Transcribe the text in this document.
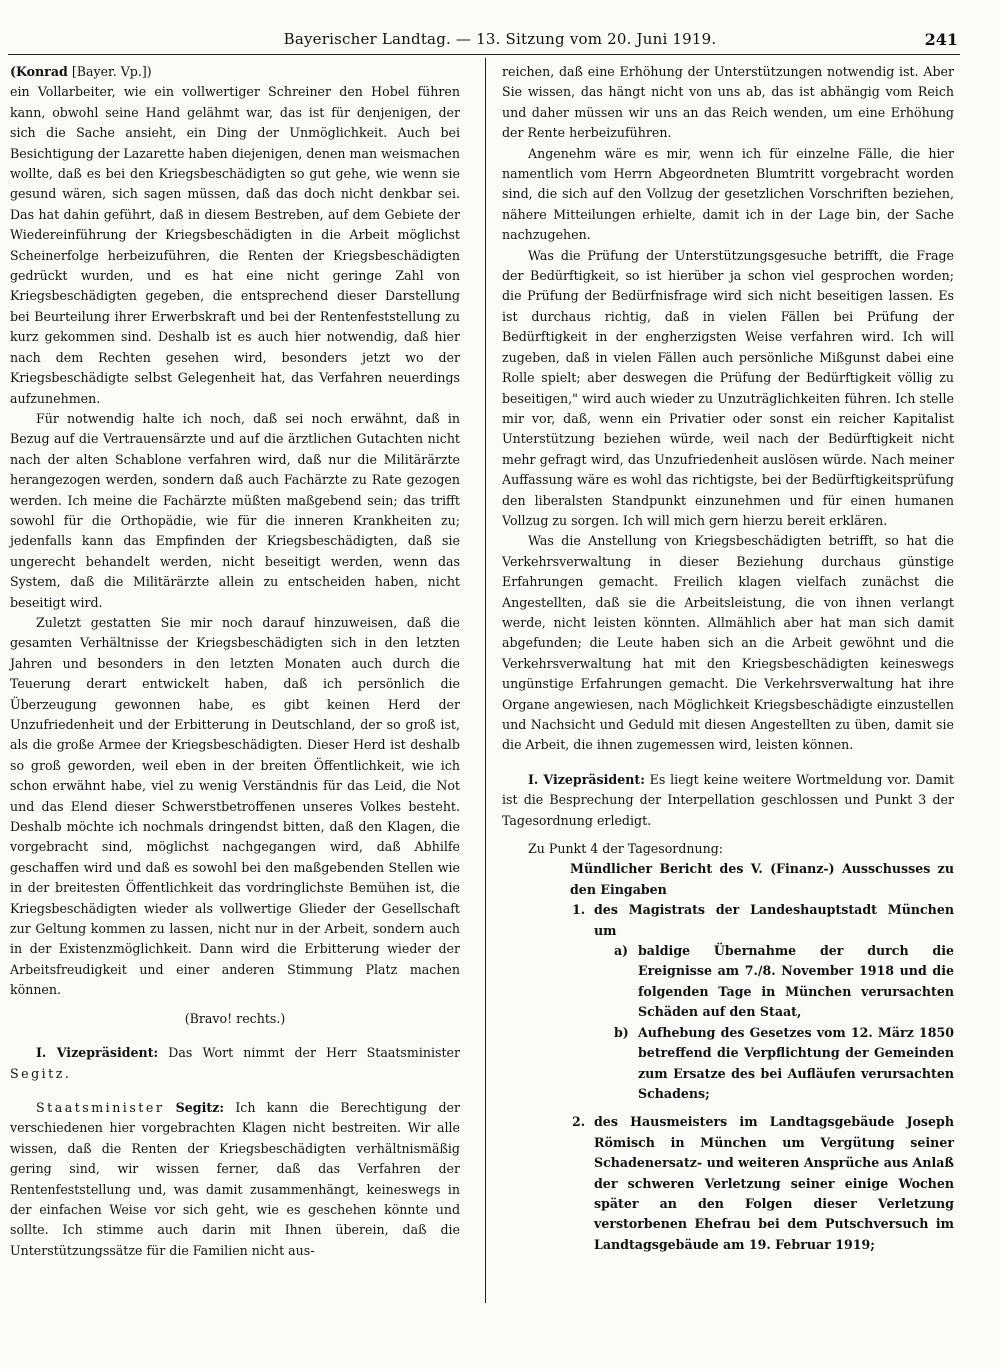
Bayerischer Landtag. — 13. Sitzung vom 20. Juni 1919.	241

(Konrad [Bayer. Vp.])

ein Vollarbeiter, wie ein vollwertiger Schreiner den Hobel führen kann, obwohl seine Hand gelähmt war, das ist für denjenigen, der sich die Sache ansieht, ein Ding der Unmöglichkeit. Auch bei Besichtigung der Lazarette haben diejenigen, denen man weismachen wollte, daß es bei den Kriegsbeschädigten so gut gehe, wie wenn sie gesund wären, sich sagen müssen, daß das doch nicht denkbar sei. Das hat dahin geführt, daß in diesem Bestreben, auf dem Gebiete der Wiedereinführung der Kriegsbeschädigten in die Arbeit möglichst Scheinerfolge herbeizuführen, die Renten der Kriegsbeschädigten gedrückt wurden, und es hat eine nicht geringe Zahl von Kriegsbeschädigten gegeben, die entsprechend dieser Darstellung bei Beurteilung ihrer Erwerbskraft und bei der Rentenfeststellung zu kurz gekommen sind. Deshalb ist es auch hier notwendig, daß hier nach dem Rechten gesehen wird, besonders jetzt wo der Kriegsbeschädigte selbst Gelegenheit hat, das Verfahren neuerdings aufzunehmen.

Für notwendig halte ich noch, daß sei noch erwähnt, daß in Bezug auf die Vertrauensärzte und auf die ärztlichen Gutachten nicht nach der alten Schablone verfahren wird, daß nur die Militärärzte herangezogen werden, sondern daß auch Fachärzte zu Rate gezogen werden. Ich meine die Fachärzte müßten maßgebend sein; das trifft sowohl für die Orthopädie, wie für die inneren Krankheiten zu; jedenfalls kann das Empfinden der Kriegsbeschädigten, daß sie ungerecht behandelt werden, nicht beseitigt werden, wenn das System, daß die Militärärzte allein zu entscheiden haben, nicht beseitigt wird.

Zuletzt gestatten Sie mir noch darauf hinzuweisen, daß die gesamten Verhältnisse der Kriegsbeschädigten sich in den letzten Jahren und besonders in den letzten Monaten auch durch die Teuerung derart entwickelt haben, daß ich persönlich die Überzeugung gewonnen habe, es gibt keinen Herd der Unzufriedenheit und der Erbitterung in Deutschland, der so groß ist, als die große Armee der Kriegsbeschädigten. Dieser Herd ist deshalb so groß geworden, weil eben in der breiten Öffentlichkeit, wie ich schon erwähnt habe, viel zu wenig Verständnis für das Leid, die Not und das Elend dieser Schwerstbetroffenen unseres Volkes besteht. Deshalb möchte ich nochmals dringendst bitten, daß den Klagen, die vorgebracht sind, möglichst nachgegangen wird, daß Abhilfe geschaffen wird und daß es sowohl bei den maßgebenden Stellen wie in der breitesten Öffentlichkeit das vordringlichste Bemühen ist, die Kriegsbeschädigten wieder als vollwertige Glieder der Gesellschaft zur Geltung kommen zu lassen, nicht nur in der Arbeit, sondern auch in der Existenzmöglichkeit. Dann wird die Erbitterung wieder der Arbeitsfreudigkeit und einer anderen Stimmung Platz machen können.

(Bravo! rechts.)

I. Vizepräsident: Das Wort nimmt der Herr Staatsminister Segitz.

Staatsminister Segitz: Ich kann die Berechtigung der verschiedenen hier vorgebrachten Klagen nicht bestreiten. Wir alle wissen, daß die Renten der Kriegsbeschädigten verhältnismäßig gering sind, wir wissen ferner, daß das Verfahren der Rentenfeststellung und, was damit zusammenhängt, keineswegs in der einfachen Weise vor sich geht, wie es geschehen könnte und sollte. Ich stimme auch darin mit Ihnen überein, daß die Unterstützungssätze für die Familien nicht aus-

reichen, daß eine Erhöhung der Unterstützungen notwendig ist. Aber Sie wissen, das hängt nicht von uns ab, das ist abhängig vom Reich und daher müssen wir uns an das Reich wenden, um eine Erhöhung der Rente herbeizuführen.

Angenehm wäre es mir, wenn ich für einzelne Fälle, die hier namentlich vom Herrn Abgeordneten Blumtritt vorgebracht worden sind, die sich auf den Vollzug der gesetzlichen Vorschriften beziehen, nähere Mitteilungen erhielte, damit ich in der Lage bin, der Sache nachzugehen.

Was die Prüfung der Unterstützungsgesuche betrifft, die Frage der Bedürftigkeit, so ist hierüber ja schon viel gesprochen worden; die Prüfung der Bedürfnisfrage wird sich nicht beseitigen lassen. Es ist durchaus richtig, daß in vielen Fällen bei Prüfung der Bedürftigkeit in der engherzigsten Weise verfahren wird. Ich will zugeben, daß in vielen Fällen auch persönliche Mißgunst dabei eine Rolle spielt; aber deswegen die Prüfung der Bedürftigkeit völlig zu beseitigen," wird auch wieder zu Unzuträglichkeiten führen. Ich stelle mir vor, daß, wenn ein Privatier oder sonst ein reicher Kapitalist Unterstützung beziehen würde, weil nach der Bedürftigkeit nicht mehr gefragt wird, das Unzufriedenheit auslösen würde. Nach meiner Auffassung wäre es wohl das richtigste, bei der Bedürftigkeitsprüfung den liberalsten Standpunkt einzunehmen und für einen humanen Vollzug zu sorgen. Ich will mich gern hierzu bereit erklären.

Was die Anstellung von Kriegsbeschädigten betrifft, so hat die Verkehrsverwaltung in dieser Beziehung durchaus günstige Erfahrungen gemacht. Freilich klagen vielfach zunächst die Angestellten, daß sie die Arbeitsleistung, die von ihnen verlangt werde, nicht leisten könnten. Allmählich aber hat man sich damit abgefunden; die Leute haben sich an die Arbeit gewöhnt und die Verkehrsverwaltung hat mit den Kriegsbeschädigten keineswegs ungünstige Erfahrungen gemacht. Die Verkehrsverwaltung hat ihre Organe angewiesen, nach Möglichkeit Kriegsbeschädigte einzustellen und Nachsicht und Geduld mit diesen Angestellten zu üben, damit sie die Arbeit, die ihnen zugemessen wird, leisten können.

I. Vizepräsident: Es liegt keine weitere Wortmeldung vor. Damit ist die Besprechung der Interpellation geschlossen und Punkt 3 der Tagesordnung erledigt.

Zu Punkt 4 der Tagesordnung:

Mündlicher Bericht des V. (Finanz-) Ausschusses zu den Eingaben

1. des Magistrats der Landeshauptstadt München um
a) baldige Übernahme der durch die Ereignisse am 7./8. November 1918 und die folgenden Tage in München verursachten Schäden auf den Staat,
b) Aufhebung des Gesetzes vom 12. März 1850 betreffend die Verpflichtung der Gemeinden zum Ersatze des bei Aufläufen verursachten Schadens;
2. des Hausmeisters im Landtagsgebäude Joseph Römisch in München um Vergütung seiner Schadenersatz- und weiteren Ansprüche aus Anlaß der schweren Verletzung seiner einige Wochen später an den Folgen dieser Verletzung verstorbenen Ehefrau bei dem Putschversuch im Landtagsgebäude am 19. Februar 1919;
